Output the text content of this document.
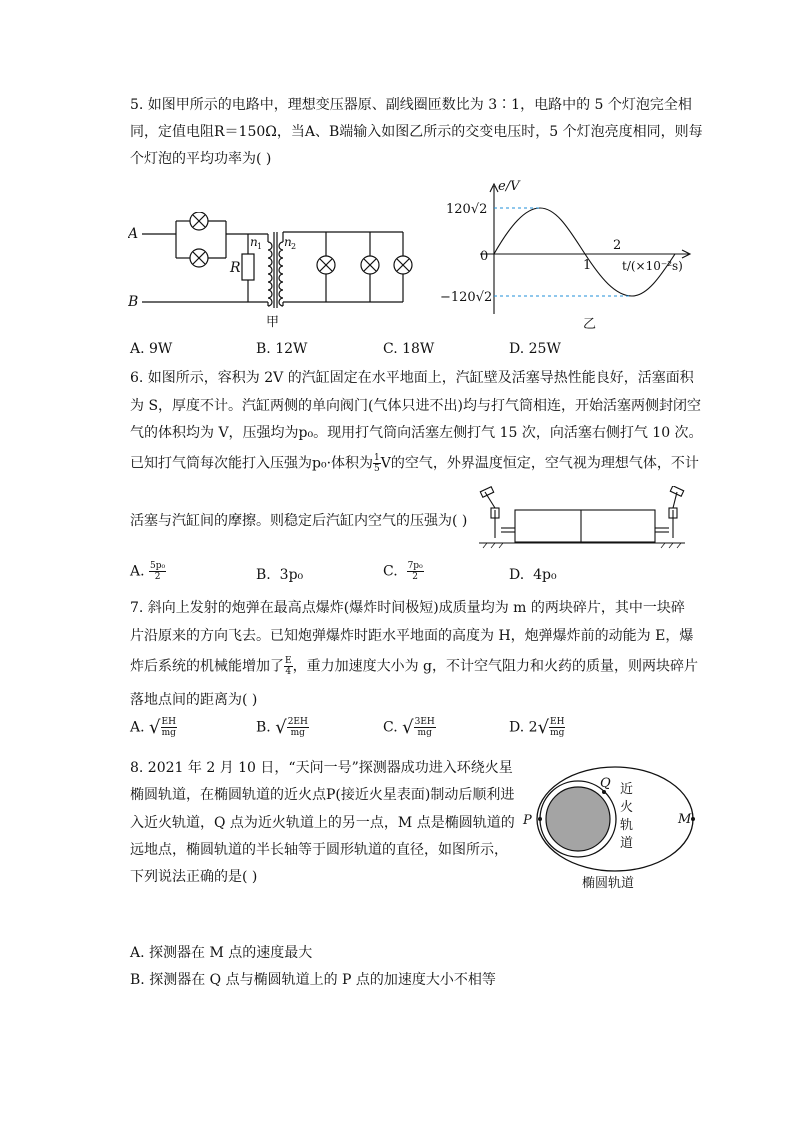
5. 如图甲所示的电路中，理想变压器原、副线圈匝数比为 3∶1，电路中的 5 个灯泡完全相
同，定值电阻R＝150Ω，当A、B端输入如图乙所示的交变电压时，5 个灯泡亮度相同，则每
个灯泡的平均功率为( )
A
B
R
n 1 n 2
甲
e/V
120√2
−120√2
0
1
2
t/(×10⁻²s)
乙
A. 9W	B. 12W	C. 18W	D. 25W
6. 如图所示，容积为 2V 的汽缸固定在水平地面上，汽缸壁及活塞导热性能良好，活塞面积
为 S，厚度不计。汽缸两侧的单向阀门(气体只进不出)均与打气筒相连，开始活塞两侧封闭空
气的体积均为 V，压强均为p₀。现用打气筒向活塞左侧打气 15 次，向活塞右侧打气 10 次。
已知打气筒每次能打入压强为p₀·体积为 $\frac{1}{5}$ V的空气，外界温度恒定，空气视为理想气体，不计
活塞与汽缸间的摩擦。则稳定后汽缸内空气的压强为( )
A. $\frac{\text{5p₀}}{2}$	B. 3p₀	C. $\frac{\text{7p₀}}{2}$	D. 4p₀
7. 斜向上发射的炮弹在最高点爆炸(爆炸时间极短)成质量均为 m 的两块碎片，其中一块碎
片沿原来的方向飞去。已知炮弹爆炸时距水平地面的高度为 H，炮弹爆炸前的动能为 E，爆
炸后系统的机械能增加了 $\frac{E}{4}$ ，重力加速度大小为 g，不计空气阻力和火药的质量，则两块碎片
落地点间的距离为( )
A. √ $\frac{EH}{mg}$	B. √ $\frac{2EH}{mg}$	C. √ $\frac{3EH}{mg}$	D. $2√ \frac{EH}{mg}$
8. 2021 年 2 月 10 日，“天问一号”探测器成功进入环绕火星
椭圆轨道，在椭圆轨道的近火点P(接近火星表面)制动后顺利进
入近火轨道，Q 点为近火轨道上的另一点，M 点是椭圆轨道的
远地点，椭圆轨道的半长轴等于圆形轨道的直径，如图所示，
下列说法正确的是( )
Q
P	M
近
火
轨
道
椭圆轨道
A. 探测器在 M 点的速度最大
B. 探测器在 Q 点与椭圆轨道上的 P 点的加速度大小不相等
